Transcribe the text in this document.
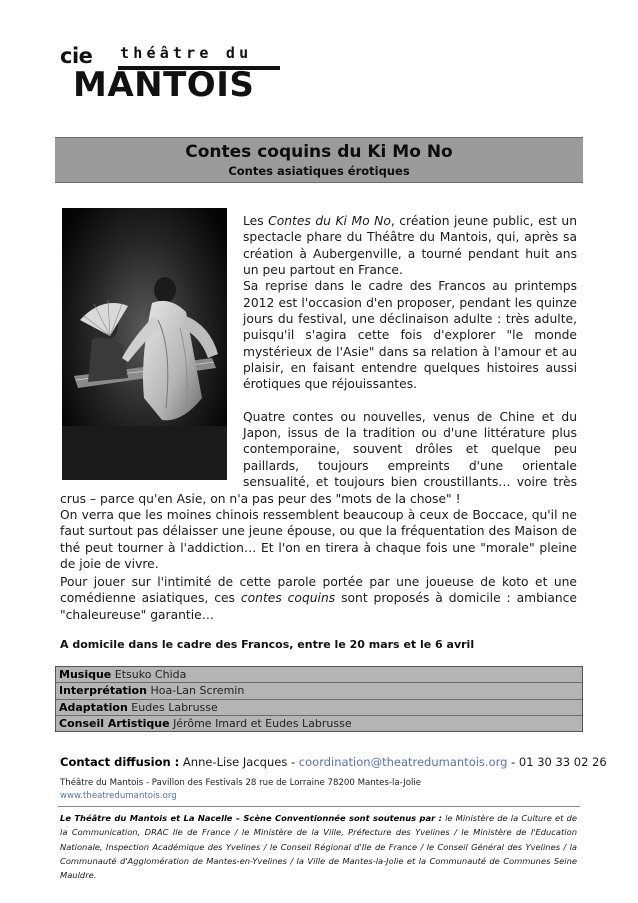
cie théâtre du
MANTOIS
Contes coquins du Ki Mo No
Contes asiatiques érotiques

Les Contes du Ki Mo No, création jeune public, est un spectacle phare du Théâtre du Mantois, qui, après sa création à Aubergenville, a tourné pendant huit ans un peu partout en France.
Sa reprise dans le cadre des Francos au printemps 2012 est l'occasion d'en proposer, pendant les quinze jours du festival, une déclinaison adulte : très adulte, puisqu'il s'agira cette fois d'explorer "le monde mystérieux de l'Asie" dans sa relation à l'amour et au plaisir, en faisant entendre quelques histoires aussi érotiques que réjouissantes.

Quatre contes ou nouvelles, venus de Chine et du Japon, issus de la tradition ou d'une littérature plus contemporaine, souvent drôles et quelque peu paillards, toujours empreints d'une orientale sensualité, et toujours bien croustillants… voire très

crus – parce qu'en Asie, on n'a pas peur des "mots de la chose" !

On verra que les moines chinois ressemblent beaucoup à ceux de Boccace, qu'il ne faut surtout pas délaisser une jeune épouse, ou que la fréquentation des Maison de thé peut tourner à l'addiction… Et l'on en tirera à chaque fois une "morale" pleine de joie de vivre.

Pour jouer sur l'intimité de cette parole portée par une joueuse de koto et une comédienne asiatiques, ces contes coquins sont proposés à domicile : ambiance "chaleureuse" garantie…

A domicile dans le cadre des Francos, entre le 20 mars et le 6 avril
Musique Etsuko Chida
Interprétation Hoa-Lan Scremin
Adaptation Eudes Labrusse
Conseil Artistique Jérôme Imard et Eudes Labrusse
Contact diffusion : Anne-Lise Jacques - coordination@theatredumantois.org - 01 30 33 02 26
Théâtre du Mantois - Pavillon des Festivals 28 rue de Lorraine 78200 Mantes-la-Jolie
www.theatredumantois.org
Le Théâtre du Mantois et La Nacelle – Scène Conventionnée sont soutenus par : le Ministère de la Culture et de la Communication, DRAC Ile de France / le Ministère de la Ville, Préfecture des Yvelines / le Ministère de l'Education Nationale, Inspection Académique des Yvelines / le Conseil Régional d'Ile de France / le Conseil Général des Yvelines / la Communauté d'Agglomération de Mantes-en-Yvelines / la Ville de Mantes-la-Jolie et la Communauté de Communes Seine Mauldre.
